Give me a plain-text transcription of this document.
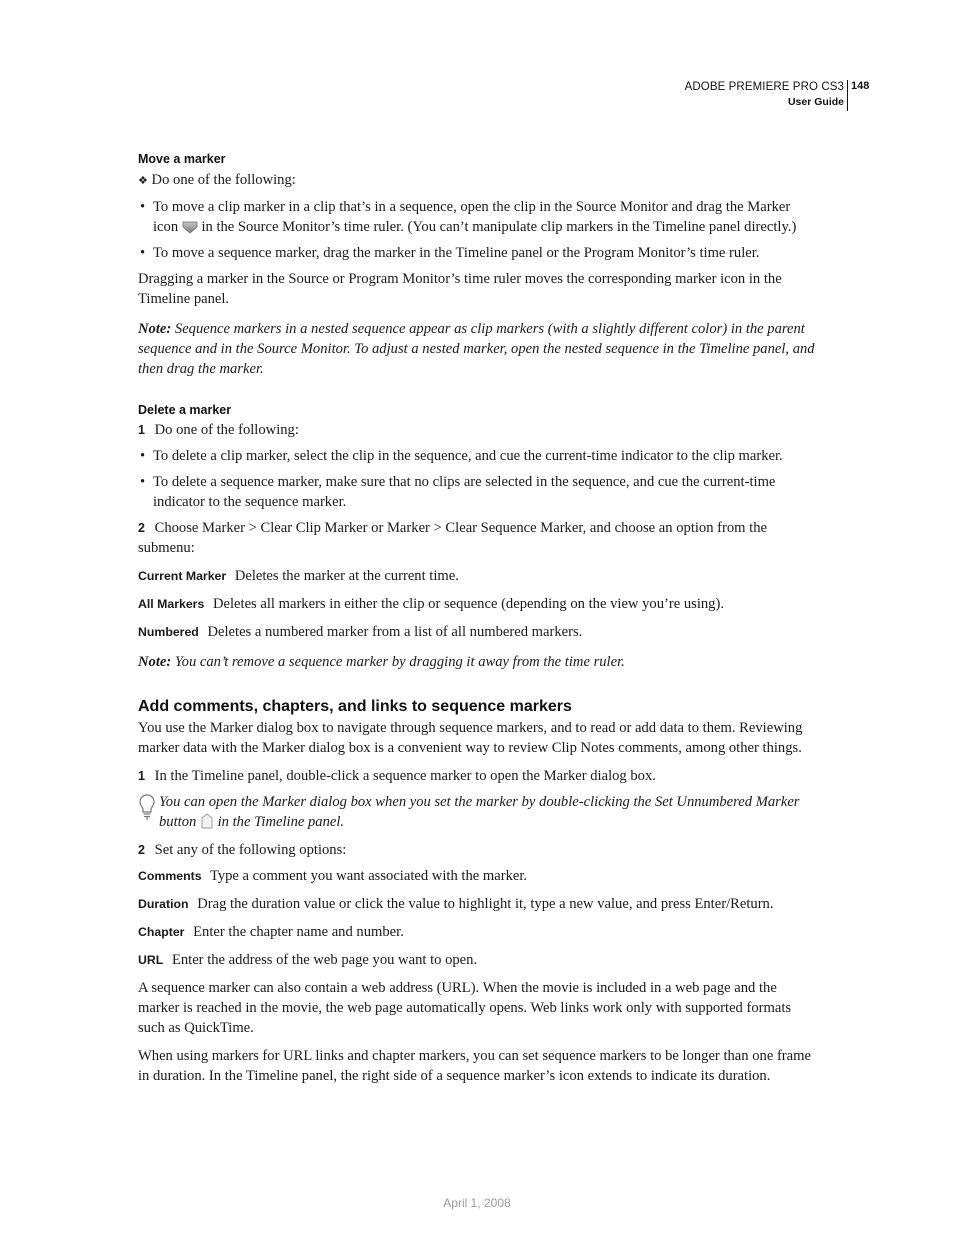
ADOBE PREMIERE PRO CS3
User Guide
148
Move a marker

❖ Do one of the following:

• To move a clip marker in a clip that’s in a sequence, open the clip in the Source Monitor and drag the Marker icon in the Source Monitor’s time ruler. (You can’t manipulate clip markers in the Timeline panel directly.)
• To move a sequence marker, drag the marker in the Timeline panel or the Program Monitor’s time ruler.

Dragging a marker in the Source or Program Monitor’s time ruler moves the corresponding marker icon in the Timeline panel.

Note: Sequence markers in a nested sequence appear as clip markers (with a slightly different color) in the parent sequence and in the Source Monitor. To adjust a nested marker, open the nested sequence in the Timeline panel, and then drag the marker.

Delete a marker

1 Do one of the following:

• To delete a clip marker, select the clip in the sequence, and cue the current-time indicator to the clip marker.
• To delete a sequence marker, make sure that no clips are selected in the sequence, and cue the current-time indicator to the sequence marker.

2 Choose Marker > Clear Clip Marker or Marker > Clear Sequence Marker, and choose an option from the submenu:

Current Marker Deletes the marker at the current time.

All Markers Deletes all markers in either the clip or sequence (depending on the view you’re using).

Numbered Deletes a numbered marker from a list of all numbered markers.

Note: You can’t remove a sequence marker by dragging it away from the time ruler.

Add comments, chapters, and links to sequence markers

You use the Marker dialog box to navigate through sequence markers, and to read or add data to them. Reviewing marker data with the Marker dialog box is a convenient way to review Clip Notes comments, among other things.

1 In the Timeline panel, double-click a sequence marker to open the Marker dialog box.

You can open the Marker dialog box when you set the marker by double-clicking the Set Unnumbered Marker button in the Timeline panel.

2 Set any of the following options:

Comments Type a comment you want associated with the marker.

Duration Drag the duration value or click the value to highlight it, type a new value, and press Enter/Return.

Chapter Enter the chapter name and number.

URL Enter the address of the web page you want to open.

A sequence marker can also contain a web address (URL). When the movie is included in a web page and the marker is reached in the movie, the web page automatically opens. Web links work only with supported formats such as QuickTime.

When using markers for URL links and chapter markers, you can set sequence markers to be longer than one frame in duration. In the Timeline panel, the right side of a sequence marker’s icon extends to indicate its duration.

April 1, 2008
